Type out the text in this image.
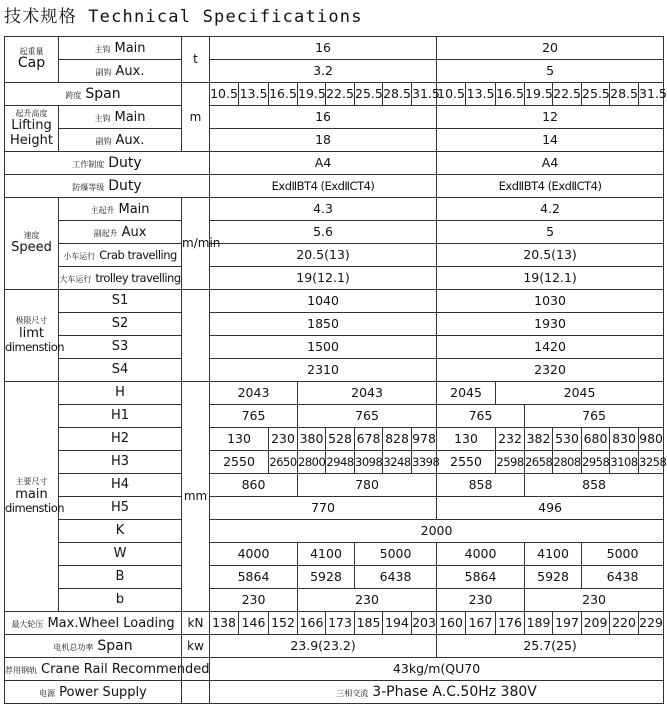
技术规格 Technical Specifications
起重量
Cap	主钩 Main	t	16								20							
	副钩 Aux.		3.2								5							
跨度 Span		m	10.5	13.5	16.5	19.5	22.5	25.5	28.5	31.5	10.5	13.5	16.5	19.5	22.5	25.5	28.5	31.5

起升高度
Lifting
Height	主钩 Main		16								12							
	副钩 Aux.		18								14							
工作制度 Duty			A4								A4							
防爆等级 Duty			ExdⅡBT4 (ExdⅡCT4)								ExdⅡBT4 (ExdⅡCT4)							

速度
Speed	主起升 Main	m/min	4.3								4.2							
	副起升 Aux		5.6								5							
	小车运行 Crab travelling		20.5(13)								20.5(13)							
	大车运行 trolley travelling		19(12.1)								19(12.1)							

极限尺寸
limt
dimenstion	S1		1040								1030							
	S2		1850								1930							
	S3		1500								1420							
	S4		2310								2320							

主要尺寸
main
dimenstion	H	mm	2043			2043					2045		2045					
	H1		765			765					765			765				
	H2		130		230	380	528	678	828	978	130		232	382	530	680	830	980
	H3		2550		2650	2800	2948	3098	3248	3398	2550		2598	2658	2808	2958	3108	3258
	H4		860			780					858			858				
	H5		770								496							
	K		2000															
	W		4000			4100		5000			4000			4100		5000		
	B		5864			5928		6438			5864			5928		6438		
	b		230			230					230			230				
最大轮压 Max.Wheel Loading		kN	138	146	152	166	173	185	194	203	160	167	176	189	197	209	220	229
电机总功率 Span		kw	23.9(23.2)								25.7(25)							
荐用钢轨 Crane Rail Recommended			43kg/m(QU70															
电源 Power Supply			三相交流 3-Phase A.C.50Hz 380V															
